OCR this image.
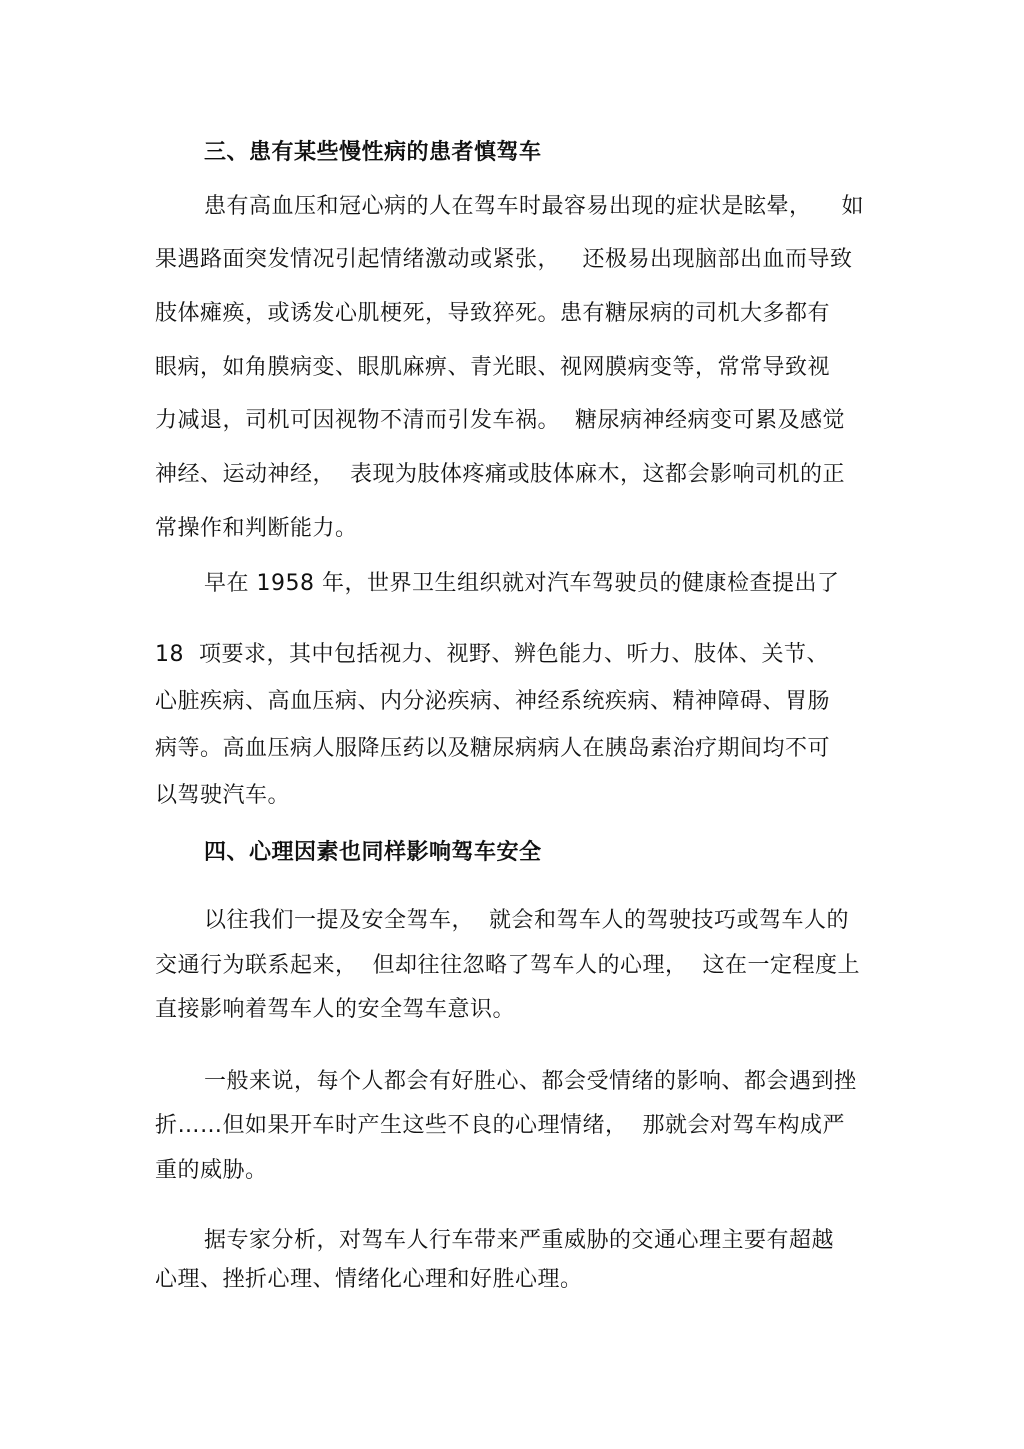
三、患有某些慢性病的患者慎驾车

患有高血压和冠心病的人在驾车时最容易出现的症状是眩晕，    如

果遇路面突发情况引起情绪激动或紧张，   还极易出现脑部出血而导致

肢体瘫痪，或诱发心肌梗死，导致猝死。患有糖尿病的司机大多都有

眼病，如角膜病变、眼肌麻痹、青光眼、视网膜病变等，常常导致视

力减退，司机可因视物不清而引发车祸。  糖尿病神经病变可累及感觉

神经、运动神经，  表现为肢体疼痛或肢体麻木，这都会影响司机的正

常操作和判断能力。

早在 1958 年，世界卫生组织就对汽车驾驶员的健康检查提出了

18  项要求，其中包括视力、视野、辨色能力、听力、肢体、关节、

心脏疾病、高血压病、内分泌疾病、神经系统疾病、精神障碍、胃肠

病等。高血压病人服降压药以及糖尿病病人在胰岛素治疗期间均不可

以驾驶汽车。

四、心理因素也同样影响驾车安全

以往我们一提及安全驾车，  就会和驾车人的驾驶技巧或驾车人的

交通行为联系起来，  但却往往忽略了驾车人的心理，  这在一定程度上

直接影响着驾车人的安全驾车意识。

一般来说，每个人都会有好胜心、都会受情绪的影响、都会遇到挫

折……但如果开车时产生这些不良的心理情绪，  那就会对驾车构成严

重的威胁。

据专家分析，对驾车人行车带来严重威胁的交通心理主要有超越

心理、挫折心理、情绪化心理和好胜心理。
